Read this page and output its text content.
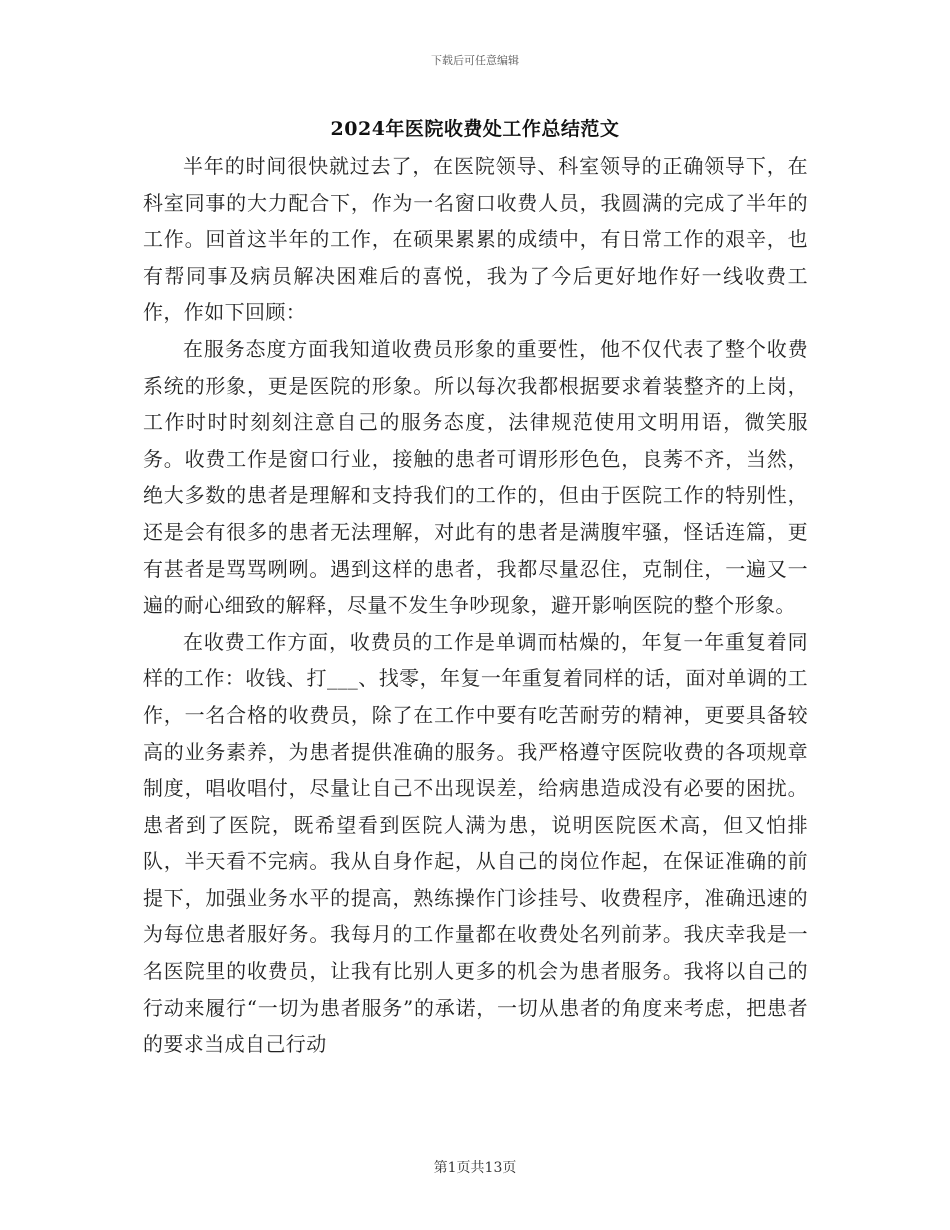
下载后可任意编辑
2024年医院收费处工作总结范文

半年的时间很快就过去了，在医院领导、科室领导的正确领导下，在科室同事的大力配合下，作为一名窗口收费人员，我圆满的完成了半年的工作。回首这半年的工作，在硕果累累的成绩中，有日常工作的艰辛，也有帮同事及病员解决困难后的喜悦，我为了今后更好地作好一线收费工作，作如下回顾：

在服务态度方面我知道收费员形象的重要性，他不仅代表了整个收费系统的形象，更是医院的形象。所以每次我都根据要求着装整齐的上岗，工作时时时刻刻注意自己的服务态度，法律规范使用文明用语，微笑服务。收费工作是窗口行业，接触的患者可谓形形色色，良莠不齐，当然，绝大多数的患者是理解和支持我们的工作的，但由于医院工作的特别性，还是会有很多的患者无法理解，对此有的患者是满腹牢骚，怪话连篇，更有甚者是骂骂咧咧。遇到这样的患者，我都尽量忍住，克制住，一遍又一遍的耐心细致的解释，尽量不发生争吵现象，避开影响医院的整个形象。

在收费工作方面，收费员的工作是单调而枯燥的，年复一年重复着同样的工作：收钱、打___、找零，年复一年重复着同样的话，面对单调的工作，一名合格的收费员，除了在工作中要有吃苦耐劳的精神，更要具备较高的业务素养，为患者提供准确的服务。我严格遵守医院收费的各项规章制度，唱收唱付，尽量让自己不出现误差，给病患造成没有必要的困扰。患者到了医院，既希望看到医院人满为患，说明医院医术高，但又怕排队，半天看不完病。我从自身作起，从自己的岗位作起，在保证准确的前提下，加强业务水平的提高，熟练操作门诊挂号、收费程序，准确迅速的为每位患者服好务。我每月的工作量都在收费处名列前茅。我庆幸我是一名医院里的收费员，让我有比别人更多的机会为患者服务。我将以自己的行动来履行“一切为患者服务”的承诺，一切从患者的角度来考虑，把患者的要求当成自己行动

第1页共13页
